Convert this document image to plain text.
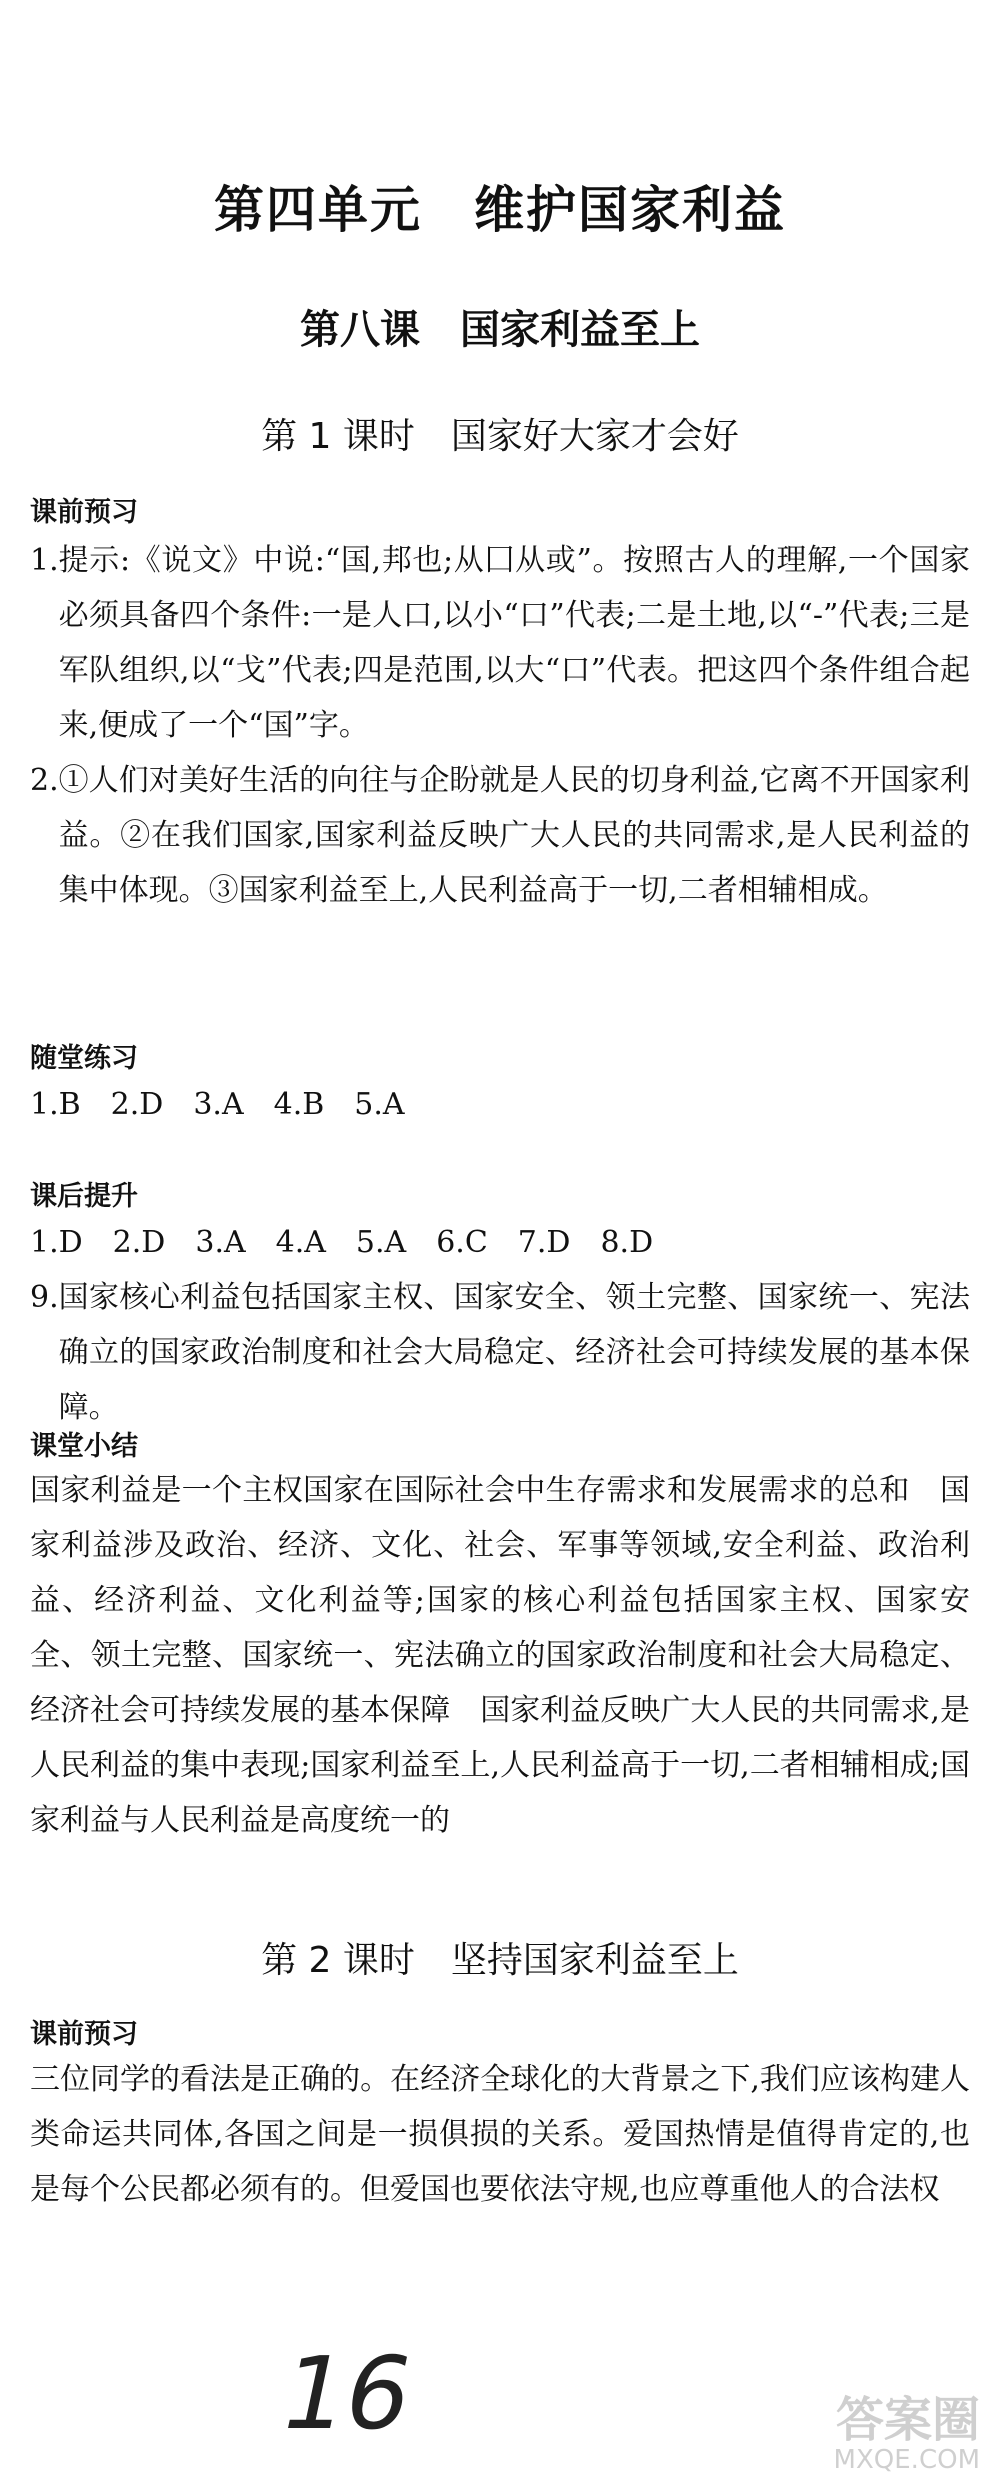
第四单元　维护国家利益
第八课　国家利益至上
第 1 课时　国家好大家才会好
课前预习
1. 提示:《说文》中说:“国,邦也;从囗从或”。按照古人的理解,一个国家必须具备四个条件:一是人口,以小“口”代表;二是土地,以“-”代表;三是军队组织,以“戈”代表;四是范围,以大“口”代表。把这四个条件组合起来,便成了一个“国”字。
2. ①人们对美好生活的向往与企盼就是人民的切身利益,它离不开国家利益。②在我们国家,国家利益反映广大人民的共同需求,是人民利益的集中体现。③国家利益至上,人民利益高于一切,二者相辅相成。
随堂练习
1.B　2.D　3.A　4.B　5.A
课后提升
1.D　2.D　3.A　4.A　5.A　6.C　7.D　8.D
9. 国家核心利益包括国家主权、国家安全、领土完整、国家统一、宪法确立的国家政治制度和社会大局稳定、经济社会可持续发展的基本保障。
课堂小结
国家利益是一个主权国家在国际社会中生存需求和发展需求的总和　国家利益涉及政治、经济、文化、社会、军事等领域,安全利益、政治利益、经济利益、文化利益等;国家的核心利益包括国家主权、国家安全、领土完整、国家统一、宪法确立的国家政治制度和社会大局稳定、经济社会可持续发展的基本保障　国家利益反映广大人民的共同需求,是人民利益的集中表现;国家利益至上,人民利益高于一切,二者相辅相成;国家利益与人民利益是高度统一的
第 2 课时　坚持国家利益至上
课前预习
三位同学的看法是正确的。在经济全球化的大背景之下,我们应该构建人类命运共同体,各国之间是一损俱损的关系。爱国热情是值得肯定的,也是每个公民都必须有的。但爱国也要依法守规,也应尊重他人的合法权
16	答案圈
MXQE.COM
